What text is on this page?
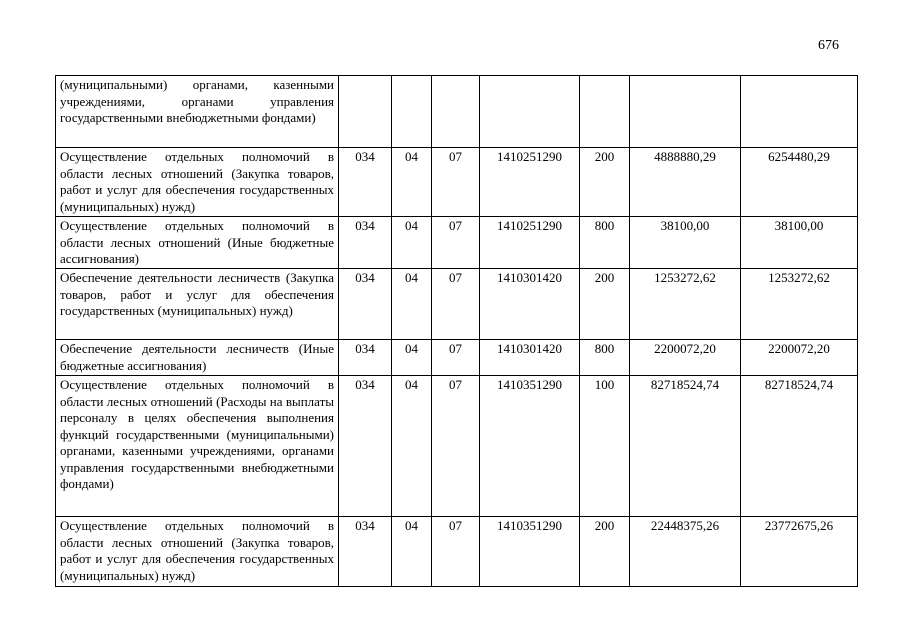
676
(муниципальными) органами, казенными учреждениями, органами управления государственными внебюджетными фондами)							
Осуществление отдельных полномочий в области лесных отношений (Закупка товаров, работ и услуг для обеспечения государственных (муниципальных) нужд)	034	04	07	1410251290	200	4888880,29	6254480,29
Осуществление отдельных полномочий в области лесных отношений (Иные бюджетные ассигнования)	034	04	07	1410251290	800	38100,00	38100,00
Обеспечение деятельности лесничеств (Закупка товаров, работ и услуг для обеспечения государственных (муниципальных) нужд)	034	04	07	1410301420	200	1253272,62	1253272,62
Обеспечение деятельности лесничеств (Иные бюджетные ассигнования)	034	04	07	1410301420	800	2200072,20	2200072,20
Осуществление отдельных полномочий в области лесных отношений (Расходы на выплаты персоналу в целях обеспечения выполнения функций государственными (муниципальными) органами, казенными учреждениями, органами управления государственными внебюджетными фондами)	034	04	07	1410351290	100	82718524,74	82718524,74
Осуществление отдельных полномочий в области лесных отношений (Закупка товаров, работ и услуг для обеспечения государственных (муниципальных) нужд)	034	04	07	1410351290	200	22448375,26	23772675,26
